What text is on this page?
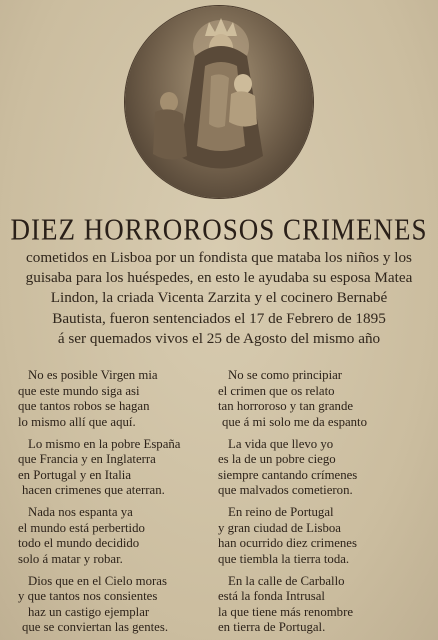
DIEZ HORROROSOS CRIMENES
cometidos en Lisboa por un fondista que mataba los niños y los
guisaba para los huéspedes, en esto le ayudaba su esposa Matea
Lindon, la criada Vicenta Zarzita y el cocinero Bernabé
Bautista, fueron sentenciados el 17 de Febrero de 1895
á ser quemados vivos el 25 de Agosto del mismo año
No es posible Virgen mia
que este mundo siga asi
que tantos robos se hagan
lo mismo allí que aquí.
Lo mismo en la pobre España
que Francia y en Inglaterra
en Portugal y en Italia
hacen crimenes que aterran.
Nada nos espanta ya
el mundo está perbertido
todo el mundo decidido
solo á matar y robar.
Dios que en el Cielo moras
y que tantos nos consientes
haz un castigo ejemplar
que se conviertan las gentes.
No se como principiar
el crimen que os relato
tan horroroso y tan grande
que á mi solo me da espanto
La vida que llevo yo
es la de un pobre ciego
siempre cantando crímenes
que malvados cometieron.
En reino de Portugal
y gran ciudad de Lisboa
han ocurrido diez crimenes
que tiembla la tierra toda.
En la calle de Carballo
está la fonda Intrusal
la que tiene más renombre
en tierra de Portugal.
